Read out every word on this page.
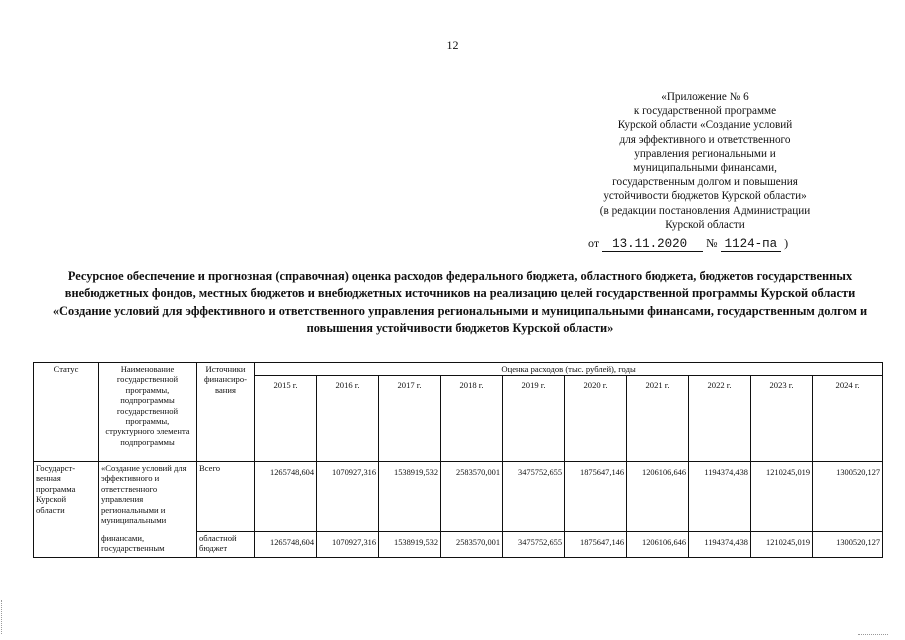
12
«Приложение № 6
к государственной программе
Курской области «Создание условий
для эффективного и ответственного
управления региональными и
муниципальными финансами,
государственным долгом и повышения
устойчивости бюджетов Курской области»
(в редакции постановления Администрации
Курской области
от 13.11.2020 № 1124-па )
Ресурсное обеспечение и прогнозная (справочная) оценка расходов федерального бюджета, областного бюджета, бюджетов государственных внебюджетных фондов, местных бюджетов и внебюджетных источников на реализацию целей государственной программы Курской области «Создание условий для эффективного и ответственного управления региональными и муниципальными финансами, государственным долгом и повышения устойчивости бюджетов Курской области»
Статус	Наименование государственной программы, подпрограммы государственной программы, структурного элемента подпрограммы	Источники финансиро-вания	Оценка расходов (тыс. рублей), годы									
			2015 г.	2016 г.	2017 г.	2018 г.	2019 г.	2020 г.	2021 г.	2022 г.	2023 г.	2024 г.
Государст-венная программа Курской области	«Создание условий для эффективного и ответственного управления региональными и муниципальными	Всего	1265748,604	1070927,316	1538919,532	2583570,001	3475752,655	1875647,146	1206106,646	1194374,438	1210245,019	1300520,127
	финансами, государственным	областной бюджет	1265748,604	1070927,316	1538919,532	2583570,001	3475752,655	1875647,146	1206106,646	1194374,438	1210245,019	1300520,127
